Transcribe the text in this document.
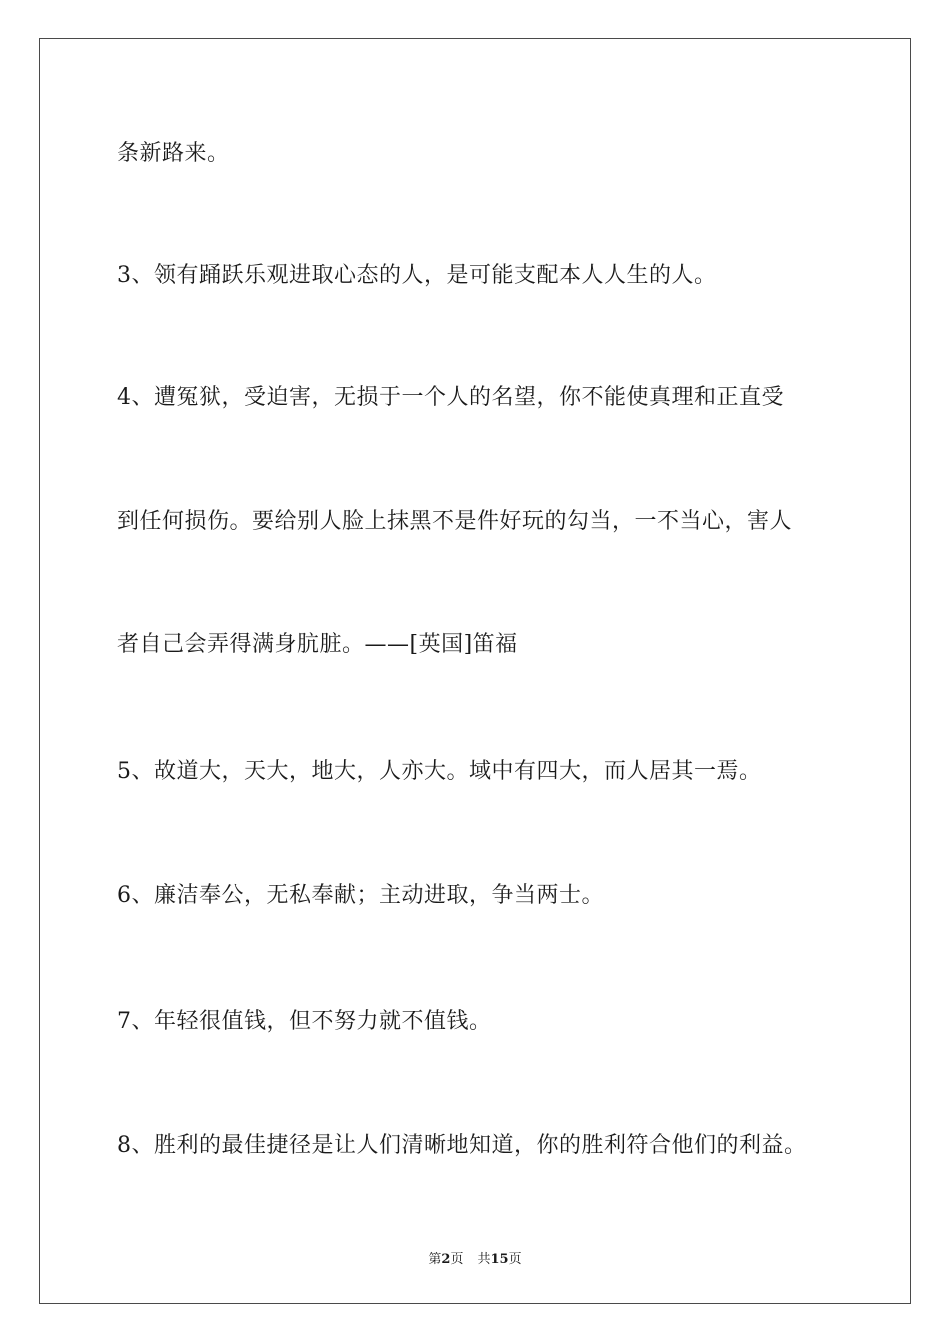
条新路来。
3、领有踊跃乐观进取心态的人，是可能支配本人人生的人。
4、遭冤狱，受迫害，无损于一个人的名望，你不能使真理和正直受
到任何损伤。要给别人脸上抹黑不是件好玩的勾当，一不当心，害人
者自己会弄得满身肮脏。——[英国]笛福
5、故道大，天大，地大，人亦大。域中有四大，而人居其一焉。
6、廉洁奉公，无私奉献；主动进取，争当两士。
7、年轻很值钱，但不努力就不值钱。
8、胜利的最佳捷径是让人们清晰地知道，你的胜利符合他们的利益。
第2页 共15页
